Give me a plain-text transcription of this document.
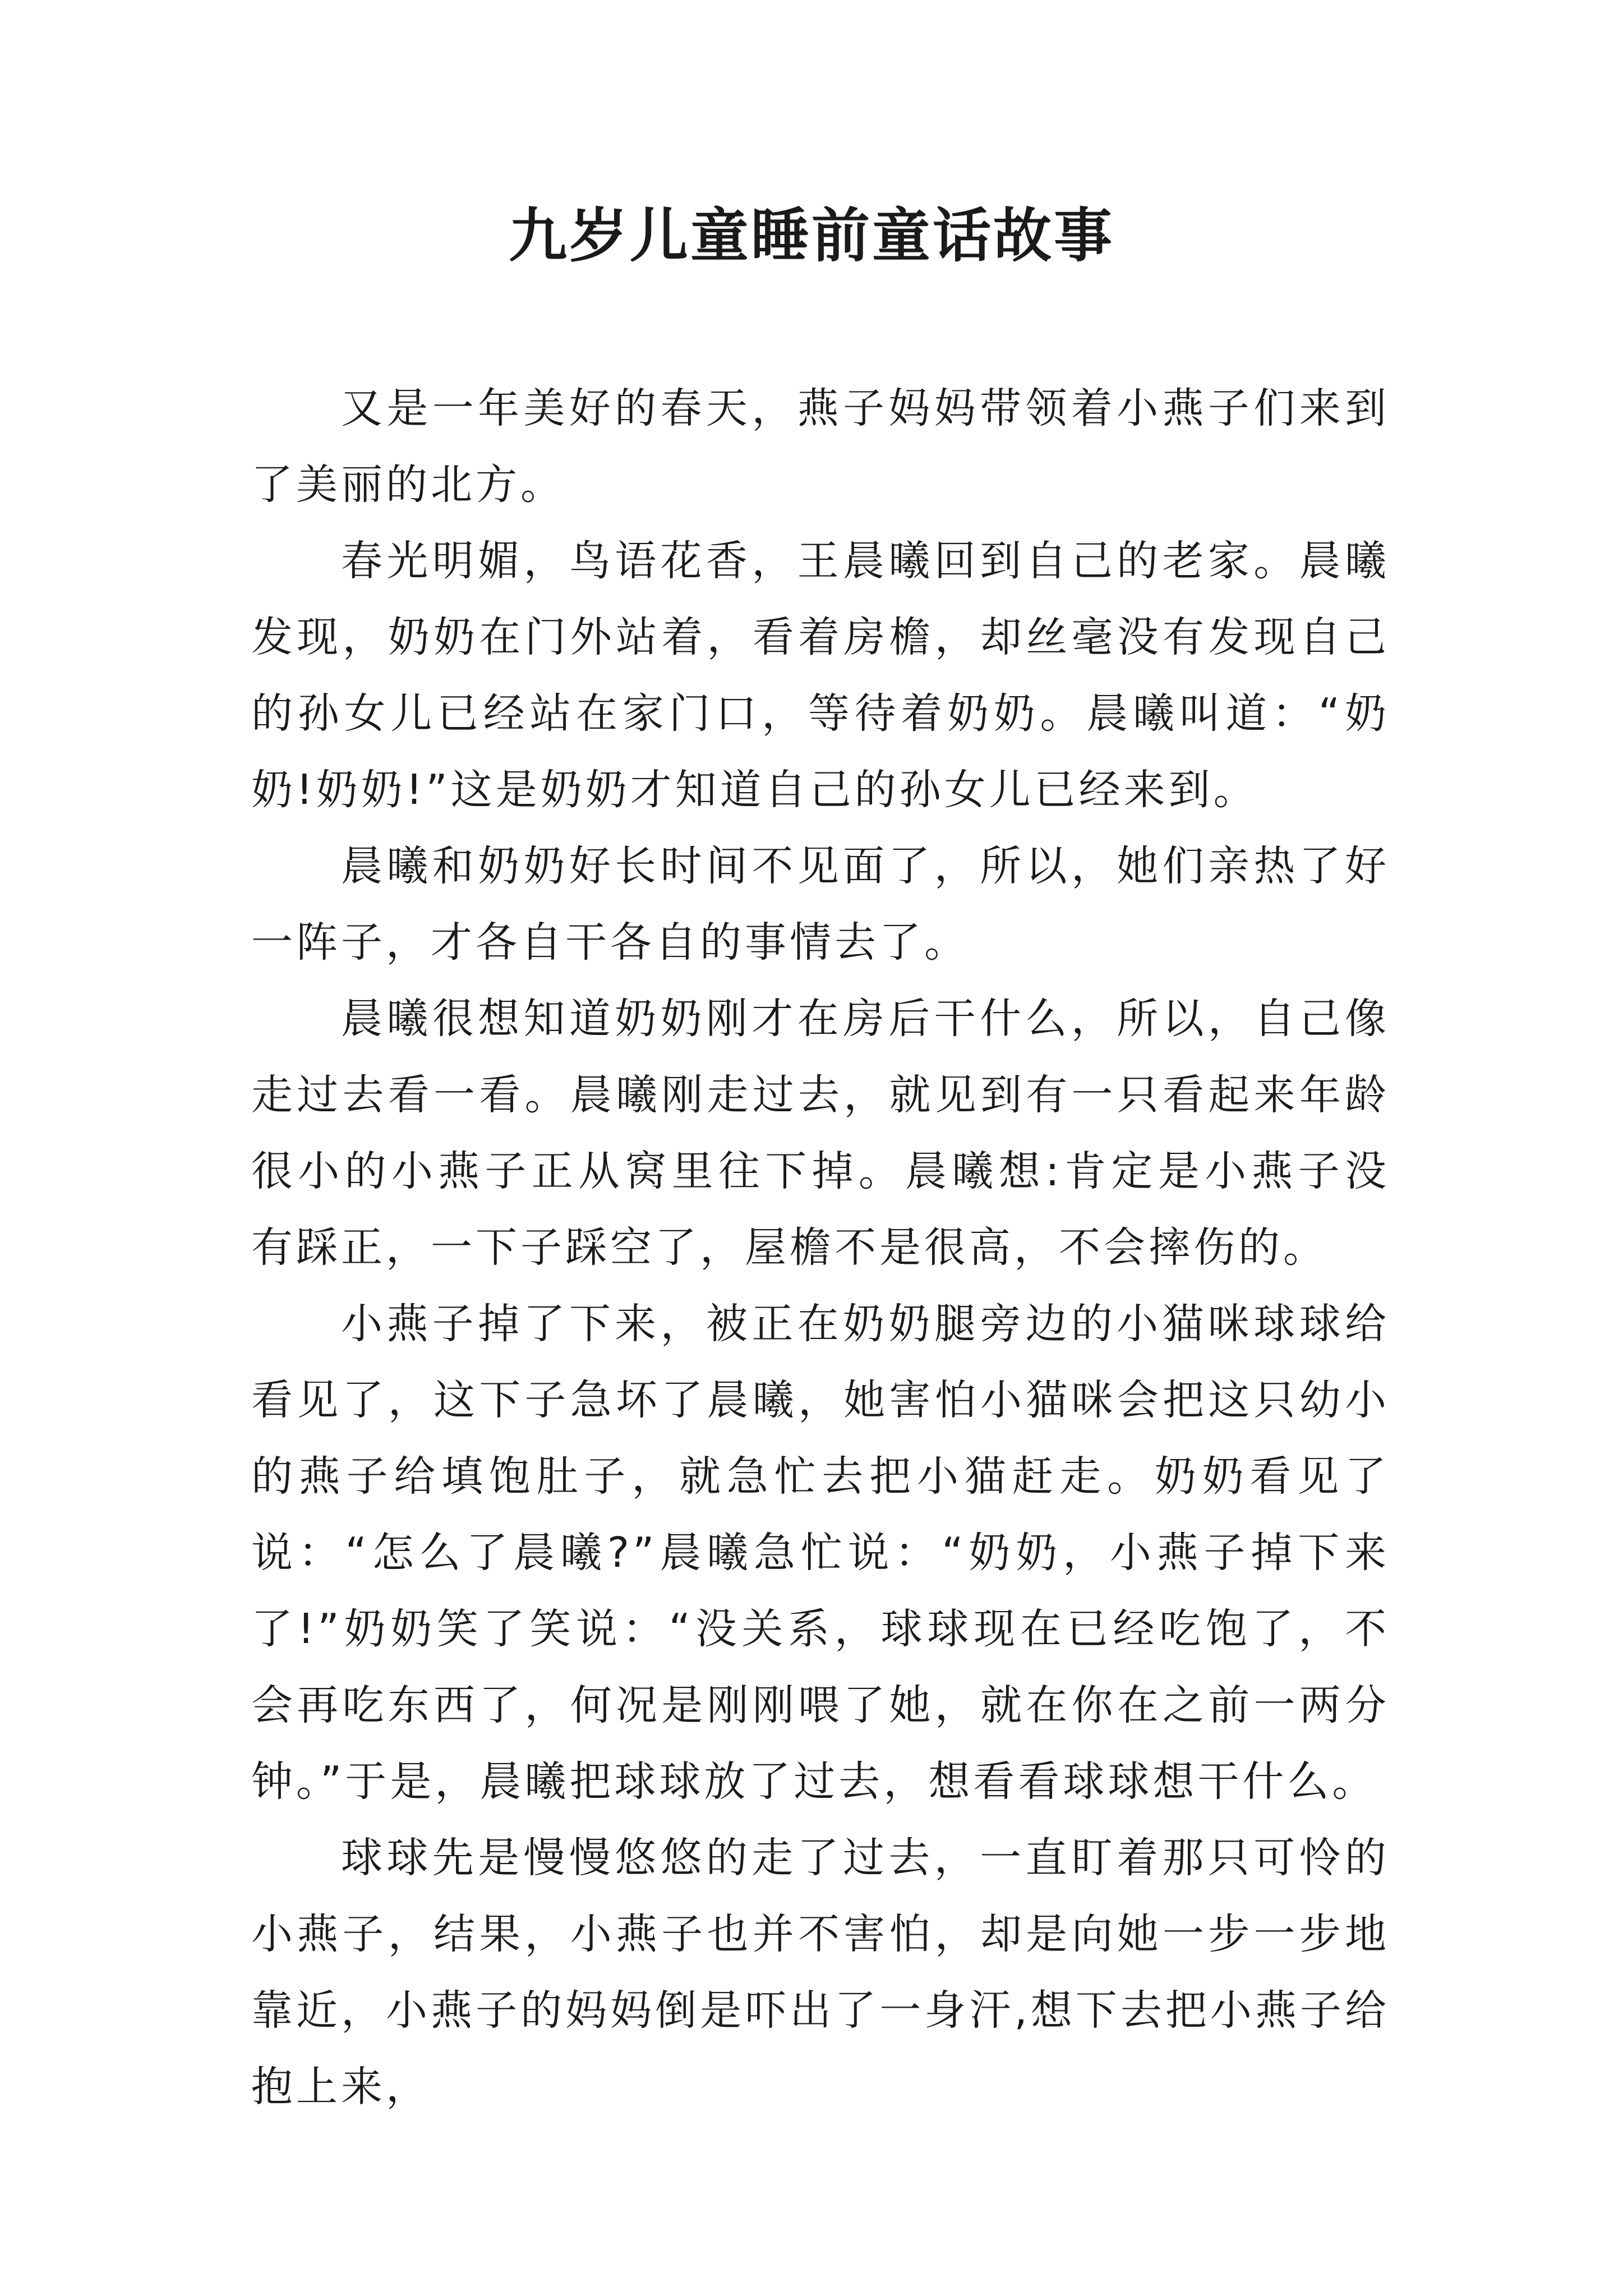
九岁儿童睡前童话故事

又是一年美好的春天，燕子妈妈带领着小燕子们来到了美丽的北方。

春光明媚，鸟语花香，王晨曦回到自己的老家。晨曦发现，奶奶在门外站着，看着房檐，却丝毫没有发现自己的孙女儿已经站在家门口，等待着奶奶。晨曦叫道：“奶奶!奶奶!”这是奶奶才知道自己的孙女儿已经来到。

晨曦和奶奶好长时间不见面了，所以，她们亲热了好一阵子，才各自干各自的事情去了。

晨曦很想知道奶奶刚才在房后干什么，所以，自己像走过去看一看。晨曦刚走过去，就见到有一只看起来年龄很小的小燕子正从窝里往下掉。晨曦想:肯定是小燕子没有踩正，一下子踩空了，屋檐不是很高，不会摔伤的。

小燕子掉了下来，被正在奶奶腿旁边的小猫咪球球给看见了，这下子急坏了晨曦，她害怕小猫咪会把这只幼小的燕子给填饱肚子，就急忙去把小猫赶走。奶奶看见了说：“怎么了晨曦?”晨曦急忙说：“奶奶，小燕子掉下来了!”奶奶笑了笑说：“没关系，球球现在已经吃饱了，不会再吃东西了，何况是刚刚喂了她，就在你在之前一两分钟。”于是，晨曦把球球放了过去，想看看球球想干什么。

球球先是慢慢悠悠的走了过去，一直盯着那只可怜的小燕子，结果，小燕子也并不害怕，却是向她一步一步地靠近，小燕子的妈妈倒是吓出了一身汗,想下去把小燕子给抱上来，
